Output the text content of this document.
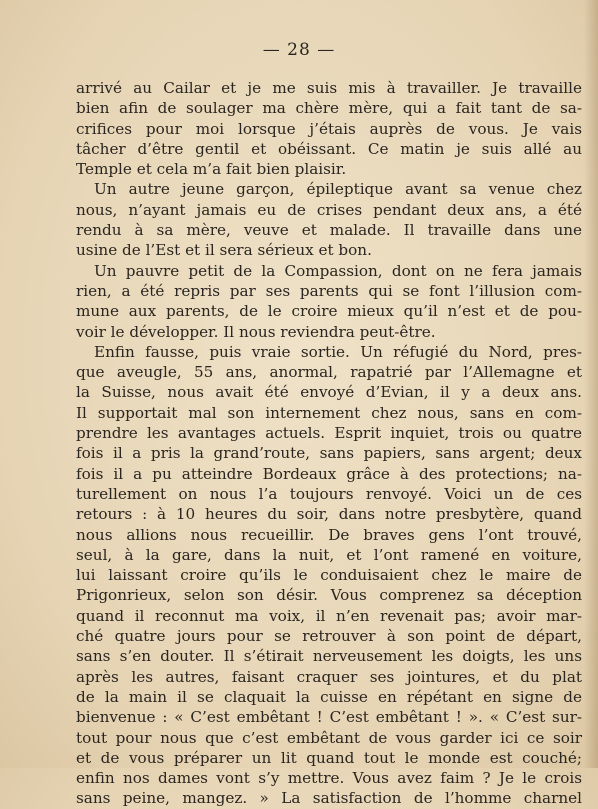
— 28 —
arrivé au Cailar et je me suis mis à travailler. Je travaille
bien afin de soulager ma chère mère, qui a fait tant de sa-
crifices pour moi lorsque j’étais auprès de vous. Je vais
tâcher d’être gentil et obéissant. Ce matin je suis allé au
Temple et cela m’a fait bien plaisir.
Un autre jeune garçon, épileptique avant sa venue chez
nous, n’ayant jamais eu de crises pendant deux ans, a été
rendu à sa mère, veuve et malade. Il travaille dans une
usine de l’Est et il sera sérieux et bon.
Un pauvre petit de la Compassion, dont on ne fera jamais
rien, a été repris par ses parents qui se font l’illusion com-
mune aux parents, de le croire mieux qu’il n’est et de pou-
voir le développer. Il nous reviendra peut-être.
Enfin fausse, puis vraie sortie. Un réfugié du Nord, pres-
que aveugle, 55 ans, anormal, rapatrié par l’Allemagne et
la Suisse, nous avait été envoyé d’Evian, il y a deux ans.
Il supportait mal son internement chez nous, sans en com-
prendre les avantages actuels. Esprit inquiet, trois ou quatre
fois il a pris la grand’route, sans papiers, sans argent; deux
fois il a pu atteindre Bordeaux grâce à des protections; na-
turellement on nous l’a toujours renvoyé. Voici un de ces
retours : à 10 heures du soir, dans notre presbytère, quand
nous allions nous recueillir. De braves gens l’ont trouvé,
seul, à la gare, dans la nuit, et l’ont ramené en voiture,
lui laissant croire qu’ils le conduisaient chez le maire de
Prigonrieux, selon son désir. Vous comprenez sa déception
quand il reconnut ma voix, il n’en revenait pas; avoir mar-
ché quatre jours pour se retrouver à son point de départ,
sans s’en douter. Il s’étirait nerveusement les doigts, les uns
après les autres, faisant craquer ses jointures, et du plat
de la main il se claquait la cuisse en répétant en signe de
bienvenue : « C’est embêtant ! C’est embêtant ! ». « C’est sur-
tout pour nous que c’est embêtant de vous garder ici ce soir
et de vous préparer un lit quand tout le monde est couché;
enfin nos dames vont s’y mettre. Vous avez faim ? Je le crois
sans peine, mangez. » La satisfaction de l’homme charnel
